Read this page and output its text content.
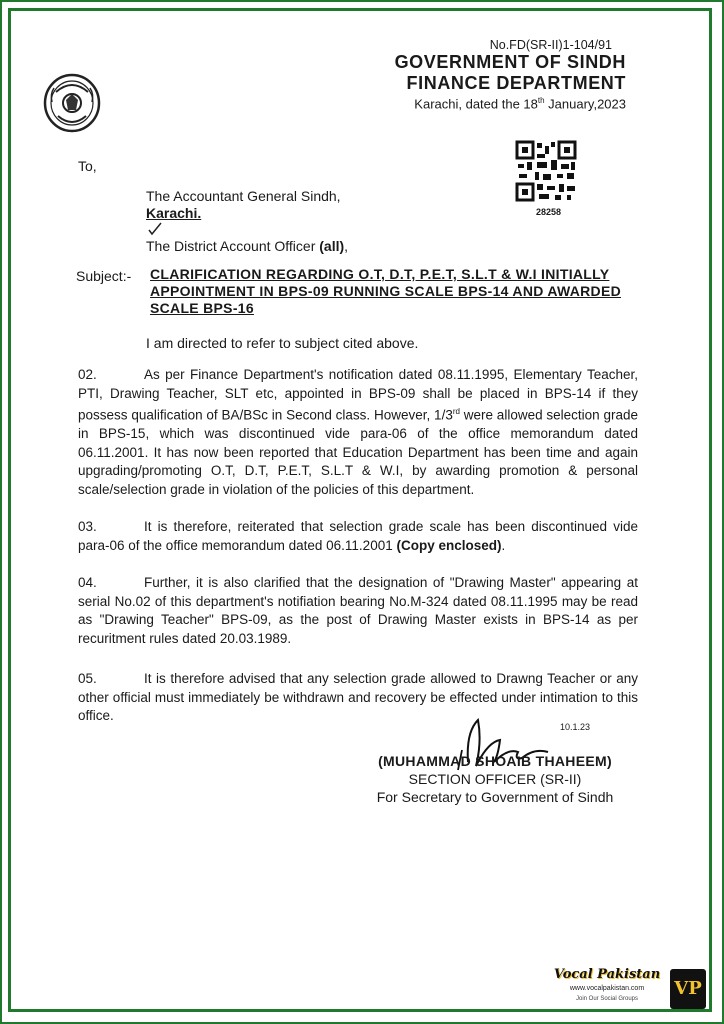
No.FD(SR-II)1-104/91
GOVERNMENT OF SINDH
FINANCE DEPARTMENT
Karachi, dated the 18th January,2023
28258
To,
The Accountant General Sindh,
Karachi.
The District Account Officer (all),
Subject:- CLARIFICATION REGARDING O.T, D.T, P.E.T, S.L.T & W.I INITIALLY APPOINTMENT IN BPS-09 RUNNING SCALE BPS-14 AND AWARDED SCALE BPS-16
I am directed to refer to subject cited above.
02.	As per Finance Department's notification dated 08.11.1995, Elementary Teacher, PTI, Drawing Teacher, SLT etc, appointed in BPS-09 shall be placed in BPS-14 if they possess qualification of BA/BSc in Second class. However, 1/3rd were allowed selection grade in BPS-15, which was discontinued vide para-06 of the office memorandum dated 06.11.2001. It has now been reported that Education Department has been time and again upgrading/promoting O.T, D.T, P.E.T, S.L.T & W.I, by awarding promotion & personal scale/selection grade in violation of the policies of this department.
03.	It is therefore, reiterated that selection grade scale has been discontinued vide para-06 of the office memorandum dated 06.11.2001 (Copy enclosed).
04.	Further, it is also clarified that the designation of "Drawing Master" appearing at serial No.02 of this department's notifiation bearing No.M-324 dated 08.11.1995 may be read as "Drawing Teacher" BPS-09, as the post of Drawing Master exists in BPS-14 as per recuritment rules dated 20.03.1989.
05.	It is therefore advised that any selection grade allowed to Drawng Teacher or any other official must immediately be withdrawn and recovery be effected under intimation to this office.
10.1.23
(MUHAMMAD SHOAIB THAHEEM)
SECTION OFFICER (SR-II)
For Secretary to Government of Sindh
Vocal Pakistan
www.vocalpakistan.com
Join Our Social Groups	VP
